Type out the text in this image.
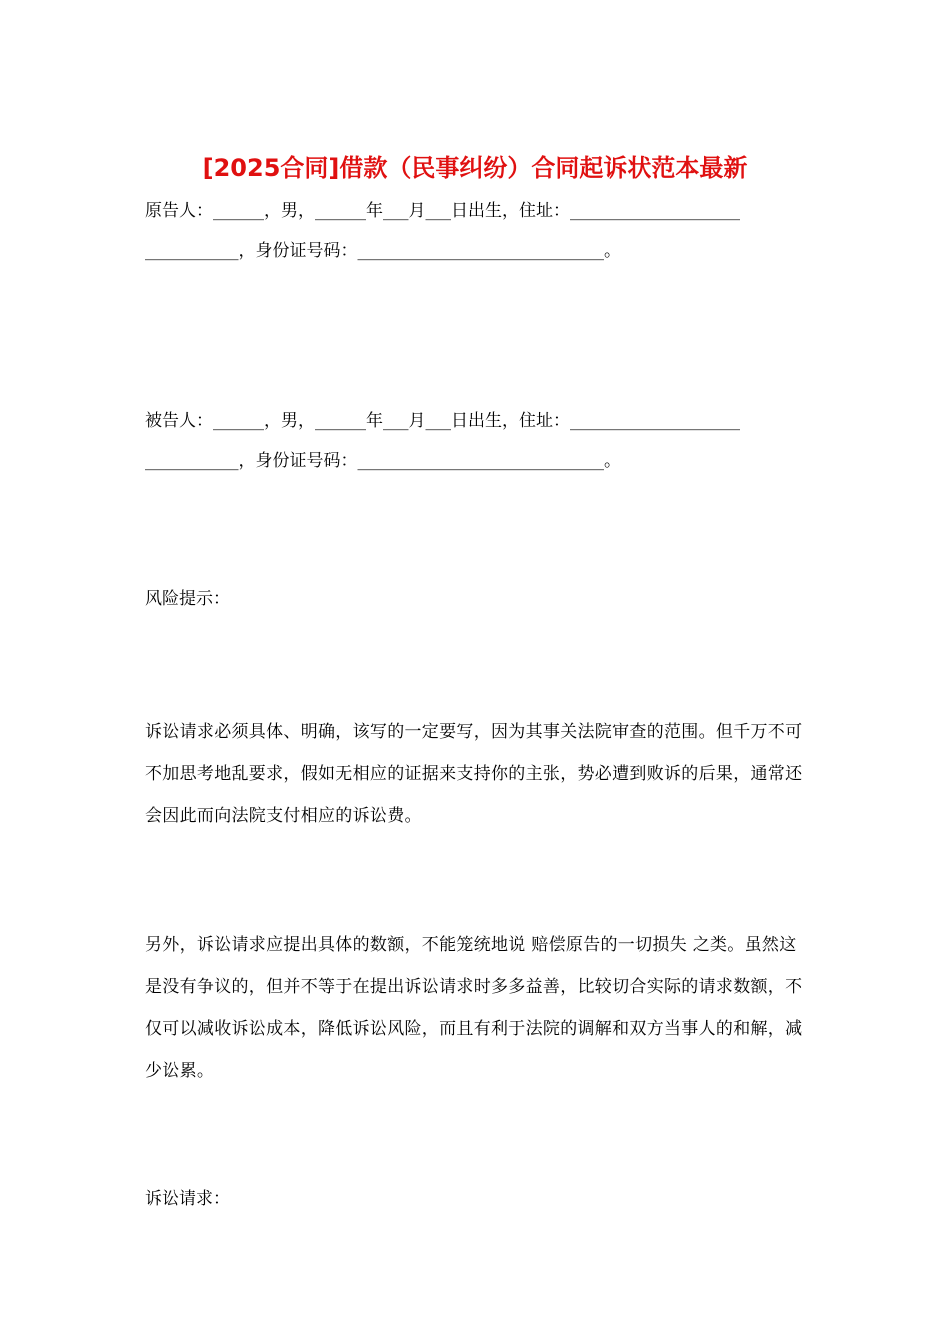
[2025合同]借款（民事纠纷）合同起诉状范本最新
原告人：______，男，______年___月___日出生，住址：____________________
___________，身份证号码：_____________________________。
被告人：______，男，______年___月___日出生，住址：____________________
___________，身份证号码：_____________________________。
风险提示：
诉讼请求必须具体、明确，该写的一定要写，因为其事关法院审查的范围。但千万不可不加思考地乱要求，假如无相应的证据来支持你的主张，势必遭到败诉的后果，通常还会因此而向法院支付相应的诉讼费。
另外，诉讼请求应提出具体的数额，不能笼统地说 赔偿原告的一切损失 之类。虽然这是没有争议的，但并不等于在提出诉讼请求时多多益善，比较切合实际的请求数额，不仅可以减收诉讼成本，降低诉讼风险，而且有利于法院的调解和双方当事人的和解，减少讼累。
诉讼请求：
